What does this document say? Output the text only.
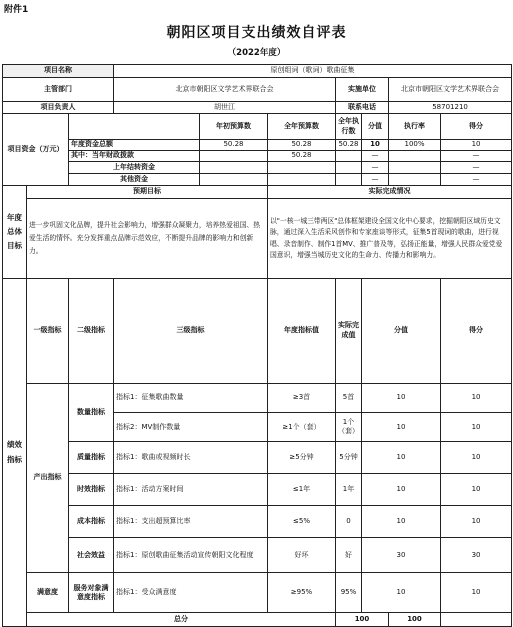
附件1
朝阳区项目支出绩效自评表
（2022年度）
项目名称			原创组词（歌词）歌曲征集							
主管部门			北京市朝阳区文学艺术界联合会			实施单位		北京市朝阳区文学艺术界联合会		
项目负责人			胡世江			联系电话		58701210		
项目资金（万元）				年初预算数	全年预算数	全年执行数	分值	执行率	得分	
		年度资金总额		50.28	50.28	50.28	10	100%	10	
		其中：当年财政拨款			50.28		—		—	
		上年结转资金					—		—	
		其他资金					—		—	
年度总体目标	预期目标				实际完成情况					
	进一步巩固文化品牌，提升社会影响力，增强群众凝聚力，培养热爱祖国、热爱生活的情怀。充分发挥重点品牌示范效应，不断提升品牌的影响力和创新力。				以"一核一城三带两区"总体框架建设全国文化中心要求，挖掘朝阳区域历史文脉，通过深入生活采风创作和专家座谈等形式，征集5首现词的歌曲，进行视唱、录音制作、制作1首MV、推广普及等，弘扬正能量，增强人民群众爱党爱国意识，增强当城历史文化的生命力、传播力和影响力。					
绩效指标	一级指标	二级指标	三级指标		年度指标值	实际完成值	分值		得分	
	产出指标	数量指标	指标1：征集歌曲数量		≥3首	5首	10		10	
			指标2：MV制作数量		≥1个（套）	1个（套）	10		10	
		质量指标	指标1：歌曲或视频时长		≥5分钟	5分钟	10		10	
		时效指标	指标1：活动方案时间		≤1年	1年	10		10	
		成本指标	指标1：支出超预算比率		≤5%	0	10		10	
		社会效益	指标1：原创歌曲征集活动宣传朝阳文化程度		好坏	好	30		30	
	满意度	服务对象满意度指标	指标1：受众满意度		≥95%	95%	10		10	
	总分					100		100		
